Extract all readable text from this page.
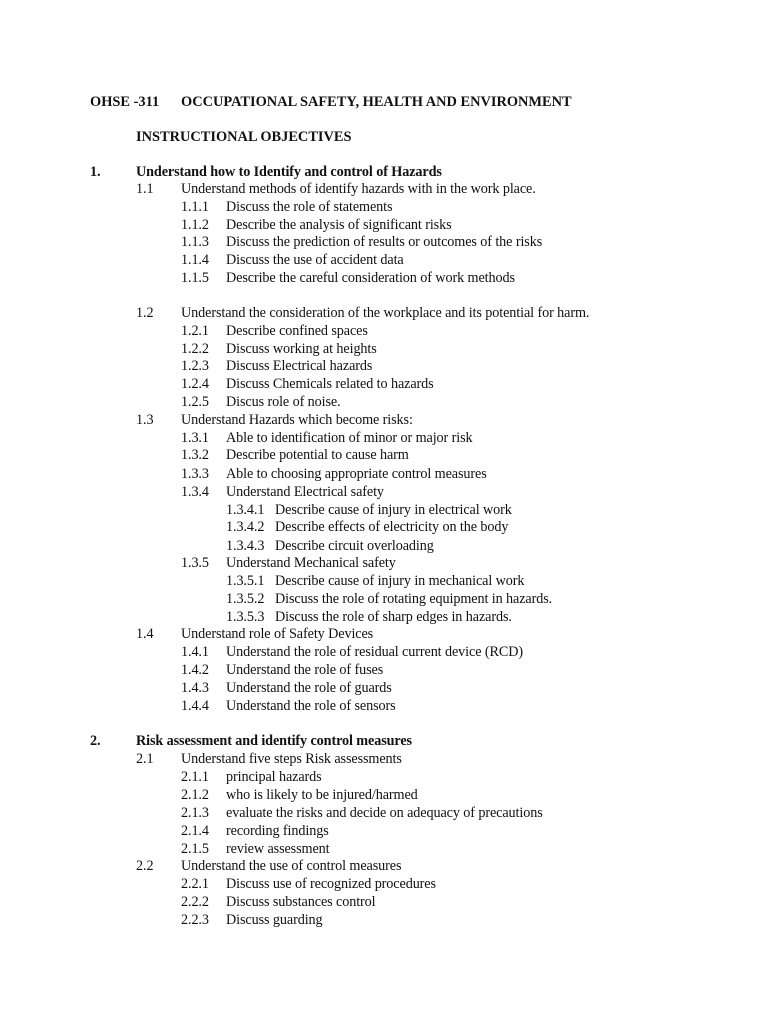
OHSE -311 OCCUPATIONAL SAFETY, HEALTH AND ENVIRONMENT
INSTRUCTIONAL OBJECTIVES
1.	Understand how to Identify and control of Hazards
1.1 Understand methods of identify hazards with in the work place.
1.1.1 Discuss the role of statements
1.1.2 Describe the analysis of significant risks
1.1.3 Discuss the prediction of results or outcomes of the risks
1.1.4 Discuss the use of accident data
1.1.5 Describe the careful consideration of work methods
1.2 Understand the consideration of the workplace and its potential for harm.
1.2.1 Describe confined spaces
1.2.2 Discuss working at heights
1.2.3 Discuss Electrical hazards
1.2.4 Discuss Chemicals related to hazards
1.2.5 Discus role of noise.
1.3 Understand Hazards which become risks:
1.3.1 Able to identification of minor or major risk
1.3.2 Describe potential to cause harm
1.3.3 Able to choosing appropriate control measures
1.3.4 Understand Electrical safety
1.3.4.1 Describe cause of injury in electrical work
1.3.4.2 Describe effects of electricity on the body
1.3.4.3 Describe circuit overloading
1.3.5 Understand Mechanical safety
1.3.5.1 Describe cause of injury in mechanical work
1.3.5.2 Discuss the role of rotating equipment in hazards.
1.3.5.3 Discuss the role of sharp edges in hazards.
1.4 Understand role of Safety Devices
1.4.1 Understand the role of residual current device (RCD)
1.4.2 Understand the role of fuses
1.4.3 Understand the role of guards
1.4.4 Understand the role of sensors
2.	Risk assessment and identify control measures
2.1 Understand five steps Risk assessments
2.1.1 principal hazards
2.1.2 who is likely to be injured/harmed
2.1.3 evaluate the risks and decide on adequacy of precautions
2.1.4 recording findings
2.1.5 review assessment
2.2 Understand the use of control measures
2.2.1 Discuss use of recognized procedures
2.2.2 Discuss substances control
2.2.3 Discuss guarding
